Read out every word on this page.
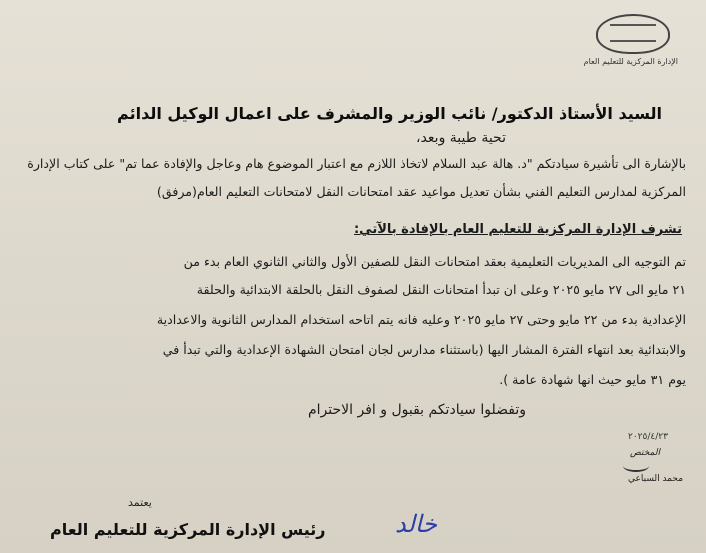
الإدارة المركزية للتعليم العام
السيد الأستاذ الدكتور/ نائب الوزير والمشرف على اعمال الوكيل الدائم
تحية طيبة وبعد،
بالإشارة الى تأشيرة سيادتكم "د. هالة عبد السلام لاتخاذ اللازم مع اعتبار الموضوع هام وعاجل والإفادة عما تم" على كتاب الإدارة
المركزية لمدارس التعليم الفني بشأن تعديل مواعيد عقد امتحانات النقل لامتحانات التعليم العام(مرفق)
تشرف الإدارة المركزية للتعليم العام بالإفادة بالآتي:
تم التوجيه الى المديريات التعليمية بعقد امتحانات النقل للصفين الأول والثاني الثانوي العام بدء من
٢١ مايو الى ٢٧ مايو ٢٠٢٥ وعلى ان تبدأ امتحانات النقل لصفوف النقل بالحلقة الابتدائية والحلقة
الإعدادية بدء من ٢٢ مايو وحتى ٢٧ مايو ٢٠٢٥ وعليه فانه يتم اتاحه استخدام المدارس الثانوية والاعدادية
والابتدائية بعد انتهاء الفترة المشار اليها (باستثناء مدارس لجان امتحان الشهادة الإعدادية والتي تبدأ في
يوم ٣١ مايو حيث انها شهادة عامة ).
وتفضلوا سيادتكم بقبول و افر الاحترام
٢٠٢٥/٤/٢٣
المختص
محمد السباعي
يعتمد
خالد
رئيس الإدارة المركزية للتعليم العام
